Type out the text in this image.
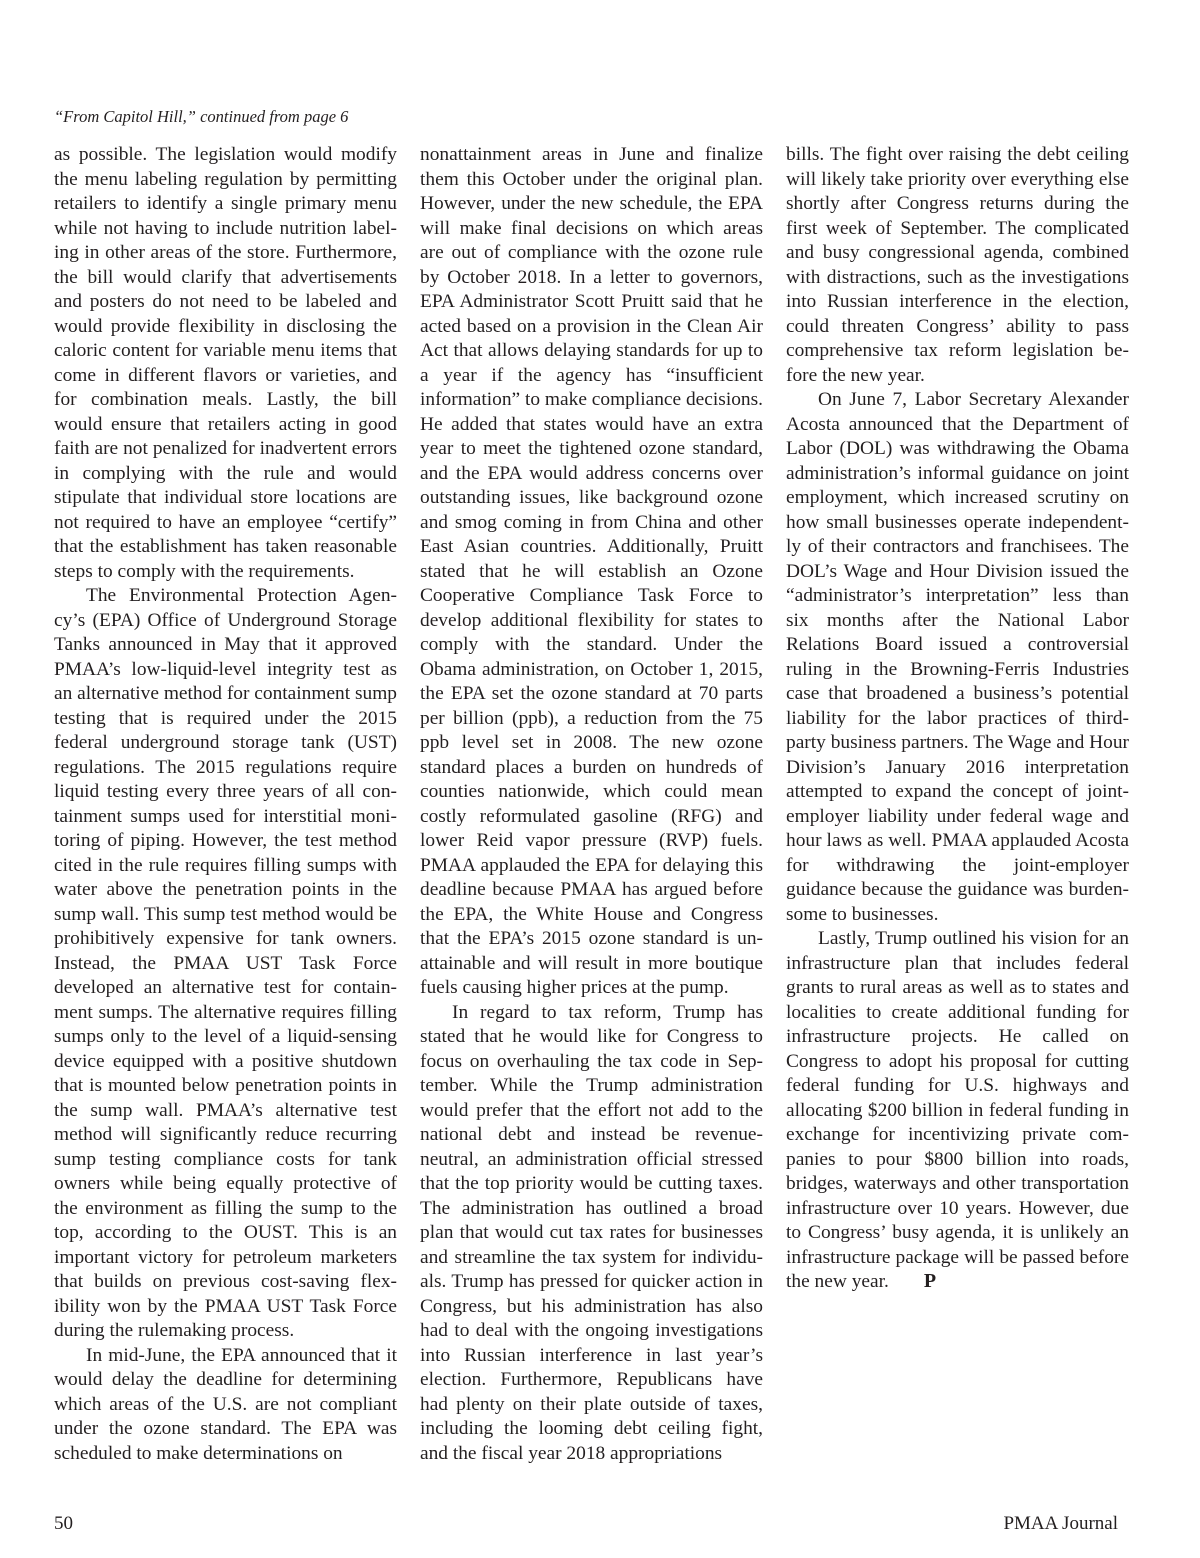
“From Capitol Hill,” continued from page 6

as possible. The legislation would modify the menu labeling regulation by permitting retailers to identify a single primary menu while not having to include nutrition labeling in other areas of the store. Furthermore, the bill would clarify that advertisements and posters do not need to be labeled and would provide flexibility in disclosing the caloric content for variable menu items that come in different flavors or varieties, and for combination meals. Lastly, the bill would ensure that retailers acting in good faith are not penalized for inadvertent errors in complying with the rule and would stipulate that individual store locations are not required to have an employee “certify” that the establishment has taken reasonable steps to comply with the requirements.

The Environmental Protection Agency’s (EPA) Office of Underground Storage Tanks announced in May that it approved PMAA’s low-liquid-level integrity test as an alternative method for containment sump testing that is required under the 2015 federal underground storage tank (UST) regulations. The 2015 regulations require liquid testing every three years of all containment sumps used for interstitial monitoring of piping. However, the test method cited in the rule requires filling sumps with water above the penetration points in the sump wall. This sump test method would be prohibitively expensive for tank owners. Instead, the PMAA UST Task Force developed an alternative test for containment sumps. The alternative requires filling sumps only to the level of a liquid-sensing device equipped with a positive shutdown that is mounted below penetration points in the sump wall. PMAA’s alternative test method will significantly reduce recurring sump testing compliance costs for tank owners while being equally protective of the environment as filling the sump to the top, according to the OUST. This is an important victory for petroleum marketers that builds on previous cost-saving flexibility won by the PMAA UST Task Force during the rulemaking process.

In mid-June, the EPA announced that it would delay the deadline for determining which areas of the U.S. are not compliant under the ozone standard. The EPA was scheduled to make determinations on

nonattainment areas in June and finalize them this October under the original plan. However, under the new schedule, the EPA will make final decisions on which areas are out of compliance with the ozone rule by October 2018. In a letter to governors, EPA Administrator Scott Pruitt said that he acted based on a provision in the Clean Air Act that allows delaying standards for up to a year if the agency has “insufficient information” to make compliance decisions. He added that states would have an extra year to meet the tightened ozone standard, and the EPA would address concerns over outstanding issues, like background ozone and smog coming in from China and other East Asian countries. Additionally, Pruitt stated that he will establish an Ozone Cooperative Compliance Task Force to develop additional flexibility for states to comply with the standard. Under the Obama administration, on October 1, 2015, the EPA set the ozone standard at 70 parts per billion (ppb), a reduction from the 75 ppb level set in 2008. The new ozone standard places a burden on hundreds of counties nationwide, which could mean costly reformulated gasoline (RFG) and lower Reid vapor pressure (RVP) fuels. PMAA applauded the EPA for delaying this deadline because PMAA has argued before the EPA, the White House and Congress that the EPA’s 2015 ozone standard is unattainable and will result in more boutique fuels causing higher prices at the pump.

In regard to tax reform, Trump has stated that he would like for Congress to focus on overhauling the tax code in September. While the Trump administration would prefer that the effort not add to the national debt and instead be revenue-neutral, an administration official stressed that the top priority would be cutting taxes. The administration has outlined a broad plan that would cut tax rates for businesses and streamline the tax system for individuals. Trump has pressed for quicker action in Congress, but his administration has also had to deal with the ongoing investigations into Russian interference in last year’s election. Furthermore, Republicans have had plenty on their plate outside of taxes, including the looming debt ceiling fight, and the fiscal year 2018 appropriations

bills. The fight over raising the debt ceiling will likely take priority over everything else shortly after Congress returns during the first week of September. The complicated and busy congressional agenda, combined with distractions, such as the investigations into Russian interference in the election, could threaten Congress’ ability to pass comprehensive tax reform legislation before the new year.

On June 7, Labor Secretary Alexander Acosta announced that the Department of Labor (DOL) was withdrawing the Obama administration’s informal guidance on joint employment, which increased scrutiny on how small businesses operate independently of their contractors and franchisees. The DOL’s Wage and Hour Division issued the “administrator’s interpretation” less than six months after the National Labor Relations Board issued a controversial ruling in the Browning-Ferris Industries case that broadened a business’s potential liability for the labor practices of third-party business partners. The Wage and Hour Division’s January 2016 interpretation attempted to expand the concept of joint-employer liability under federal wage and hour laws as well. PMAA applauded Acosta for withdrawing the joint-employer guidance because the guidance was burdensome to businesses.

Lastly, Trump outlined his vision for an infrastructure plan that includes federal grants to rural areas as well as to states and localities to create additional funding for infrastructure projects. He called on Congress to adopt his proposal for cutting federal funding for U.S. highways and allocating $200 billion in federal funding in exchange for incentivizing private companies to pour $800 billion into roads, bridges, waterways and other transportation infrastructure over 10 years. However, due to Congress’ busy agenda, it is unlikely an infrastructure package will be passed before the new year. P

50	PMAA Journal
